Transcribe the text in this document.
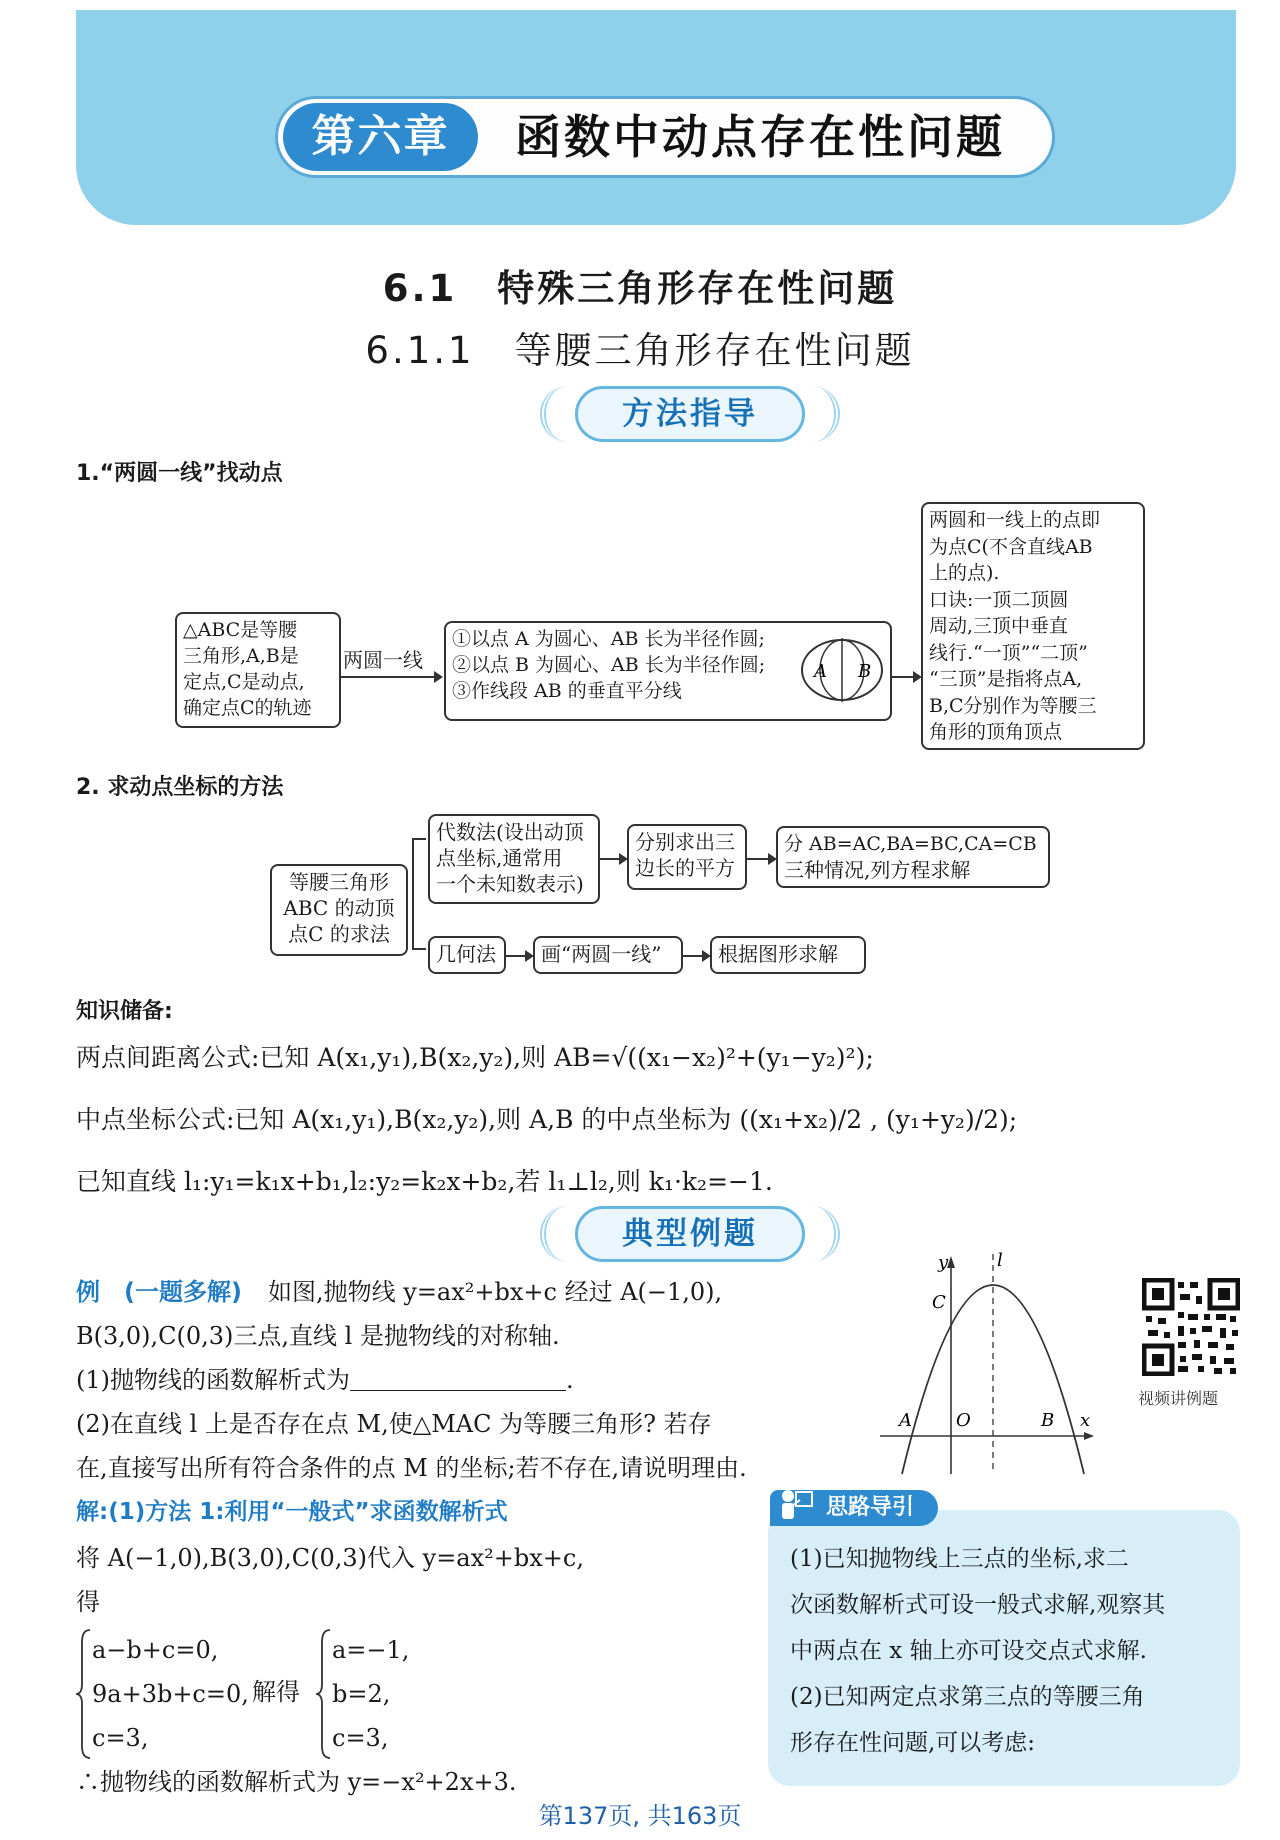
第六章	函数中动点存在性问题
6.1　特殊三角形存在性问题
6.1.1　等腰三角形存在性问题
方法指导
1.“两圆一线”找动点
△ABC是等腰
三角形,A,B是
定点,C是动点,
确定点C的轨迹
两圆一线
①以点 A 为圆心、AB 长为半径作圆;
②以点 B 为圆心、AB 长为半径作圆;
③作线段 AB 的垂直平分线
A B
两圆和一线上的点即
为点C(不含直线AB
上的点).
口诀:一顶二顶圆
周动,三顶中垂直
线行.“一顶”“二顶”
“三顶”是指将点A,
B,C分别作为等腰三
角形的顶角顶点
2. 求动点坐标的方法
等腰三角形
ABC 的动顶
点C 的求法
代数法(设出动顶
点坐标,通常用
一个未知数表示)
分别求出三
边长的平方
分 AB=AC,BA=BC,CA=CB
三种情况,列方程求解
几何法	画“两圆一线”	根据图形求解
知识储备:
两点间距离公式:已知 A(x₁,y₁),B(x₂,y₂),则 AB=√((x₁−x₂)²+(y₁−y₂)²);
中点坐标公式:已知 A(x₁,y₁),B(x₂,y₂),则 A,B 的中点坐标为 ((x₁+x₂)/2 , (y₁+y₂)/2);
已知直线 l₁:y₁=k₁x+b₁,l₂:y₂=k₂x+b₂,若 l₁⊥l₂,则 k₁·k₂=−1.
典型例题
例　(一题多解) 如图,抛物线 y=ax²+bx+c 经过 A(−1,0),
B(3,0),C(0,3)三点,直线 l 是抛物线的对称轴.
(1)抛物线的函数解析式为＿＿＿＿＿＿＿＿＿.
(2)在直线 l 上是否存在点 M,使△MAC 为等腰三角形? 若存
在,直接写出所有符合条件的点 M 的坐标;若不存在,请说明理由.
y	l
C
A O	B x
视频讲例题
解:(1)方法 1:利用“一般式”求函数解析式
将 A(−1,0),B(3,0),C(0,3)代入 y=ax²+bx+c,
得
a−b+c=0,
9a+3b+c=0,
c=3,
解得
a=−1,
b=2,
c=3,
∴抛物线的函数解析式为 y=−x²+2x+3.
思路导引
(1)已知抛物线上三点的坐标,求二
次函数解析式可设一般式求解,观察其
中两点在 x 轴上亦可设交点式求解.
(2)已知两定点求第三点的等腰三角
形存在性问题,可以考虑:
第137页, 共163页
